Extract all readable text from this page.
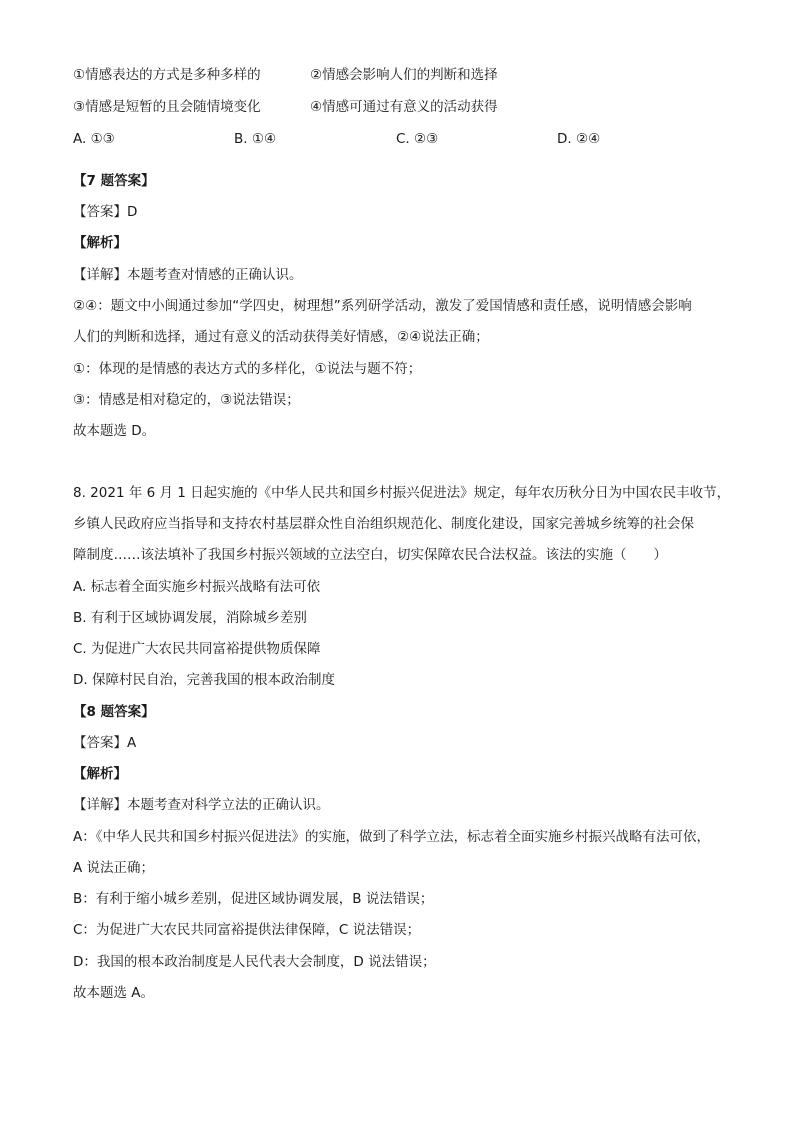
①情感表达的方式是多种多样的	②情感会影响人们的判断和选择
③情感是短暂的且会随情境变化	④情感可通过有意义的活动获得
A. ①③	B. ①④	C. ②③	D. ②④
【7 题答案】
【答案】D
【解析】
【详解】本题考查对情感的正确认识。
②④：题文中小闽通过参加“学四史，树理想”系列研学活动，激发了爱国情感和责任感，说明情感会影响
人们的判断和选择，通过有意义的活动获得美好情感，②④说法正确；
①：体现的是情感的表达方式的多样化，①说法与题不符；
③：情感是相对稳定的，③说法错误；
故本题选 D。
8. 2021 年 6 月 1 日起实施的《中华人民共和国乡村振兴促进法》规定，每年农历秋分日为中国农民丰收节，
乡镇人民政府应当指导和支持农村基层群众性自治组织规范化、制度化建设，国家完善城乡统筹的社会保
障制度……该法填补了我国乡村振兴领域的立法空白，切实保障农民合法权益。该法的实施（　　）
A. 标志着全面实施乡村振兴战略有法可依
B. 有利于区域协调发展，消除城乡差别
C. 为促进广大农民共同富裕提供物质保障
D. 保障村民自治，完善我国的根本政治制度
【8 题答案】
【答案】A
【解析】
【详解】本题考查对科学立法的正确认识。
A：《中华人民共和国乡村振兴促进法》的实施，做到了科学立法，标志着全面实施乡村振兴战略有法可依，
A 说法正确；
B：有利于缩小城乡差别，促进区域协调发展，B 说法错误；
C：为促进广大农民共同富裕提供法律保障，C 说法错误；
D：我国的根本政治制度是人民代表大会制度，D 说法错误；
故本题选 A。
